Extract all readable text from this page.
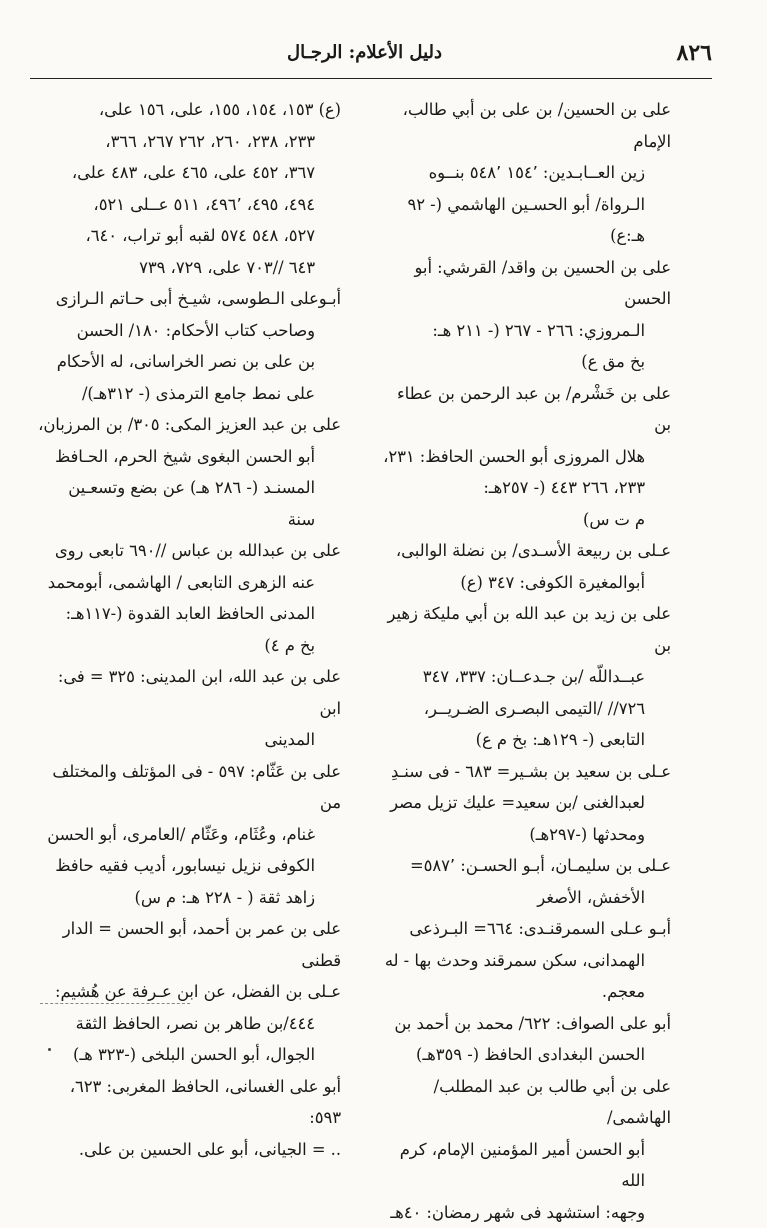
٨٢٦
دليل الأعلام: الرجـال
على بن الحسين/ بن على بن أبي طالب، الإمام
زين العــابـدين: ١٥٤٬ ٥٤٨٬ بنــوه
الـرواة/ أبو الحسـين الهاشمي (- ٩٢
هـ:ع)
على بن الحسين بن واقد/ القرشي: أبو الحسن
الـمروزي: ٢٦٦ - ٢٦٧ (- ٢١١ هـ:
بخ مق ع)
على بن خَشْرم/ بن عبد الرحمن بن عطاء بن
هلال المروزى أبو الحسن الحافظ: ٢٣١،
٢٣٣، ٢٦٦ ٤٤٣ (- ٢٥٧هـ:
م ت س)
عـلى بن ربيعة الأسـدى/ بن نضلة الوالبى،
أبوالمغيرة الكوفى: ٣٤٧ (ع)
على بن زيد بن عبد الله بن أبي مليكة زهير بن
عبــداللّه /بن جـدعــان: ٣٣٧، ٣٤٧
٧٢٦// /التيمى البصـرى الضـريــر،
التابعى (- ١٢٩هـ: بخ م ع)
عـلى بن سعيد بن بشـير= ٦٨٣ - فى سنـدِ
لعبدالغنى /بن سعيد= عليك تزيل مصر
ومحدثها (-٢٩٧هـ)
عـلى بن سليمـان، أبـو الحسـن: ٥٨٧٬=
الأخفش، الأصغر
أبـو عـلى السمرقنـدى: ٦٦٤= البـرذعى
الهمدانى، سكن سمرقند وحدث بها - له
معجم.
أبو على الصواف: ٦٢٢/ محمد بن أحمد بن
الحسن البغدادى الحافظ (- ٣٥٩هـ)
على بن أبي طالب بن عبد المطلب/ الهاشمى/
أبو الحسن أمير المؤمنين الإمام، كرم الله
وجهه: استشهد فى شهر رمضان: ٤٠هـ
(ع) ١٥٣، ١٥٤، ١٥٥، على، ١٥٦ على،
٢٣٣، ٢٣٨، ٢٦٠، ٢٦٢ ٢٦٧، ٣٦٦،
٣٦٧، ٤٥٢ على، ٤٦٥ على، ٤٨٣ على،
٤٩٤، ٤٩٥، ٤٩٦٬، ٥١١ عــلى ٥٢١،
٥٢٧، ٥٤٨ ٥٧٤ لقبه أبو تراب، ٦٤٠،
٦٤٣ //٧٠٣ على، ٧٢٩، ٧٣٩
أبـوعلى الـطوسى، شيـخ أبى حـاتم الـرازى
وصاحب كتاب الأحكام: ١٨٠/ الحسن
بن على بن نصر الخراسانى، له الأحكام
على نمط جامع الترمذى (- ٣١٢هـ)/
على بن عبد العزيز المكى: ٣٠٥/ بن المرزبان،
أبو الحسن البغوى شيخ الحرم، الحـافظ
المسنـد (- ٢٨٦ هـ) عن بضع وتسعـين
سنة
على بن عبدالله بن عباس //٦٩٠ تابعى روى
عنه الزهرى التابعى / الهاشمى، أبومحمد
المدنى الحافظ العابد القدوة (-١١٧هـ:
بخ م ٤)
على بن عبد الله، ابن المدينى: ٣٢٥ = فى: ابن
المدينى
على بن عَثّام: ٥٩٧ - فى المؤتلف والمختلف من
غنام، وعُثَام، وعَثّام /العامرى، أبو الحسن
الكوفى نزيل نيسابور، أديب فقيه حافظ
زاهد ثقة ( - ٢٢٨ هـ: م س)
على بن عمر بن أحمد، أبو الحسن = الدار قطنى
عـلى بن الفضل، عن ابن عـرفة عن هُشيم:
٤٤٤/بن طاهر بن نصر، الحافظ الثقة
الجوال، أبو الحسن البلخى (-٣٢٣ هـ)
أبو على الغسانى، الحافظ المغربى: ٦٢٣، ٥٩٣:
.. = الجيانى، أبو على الحسين بن على.
